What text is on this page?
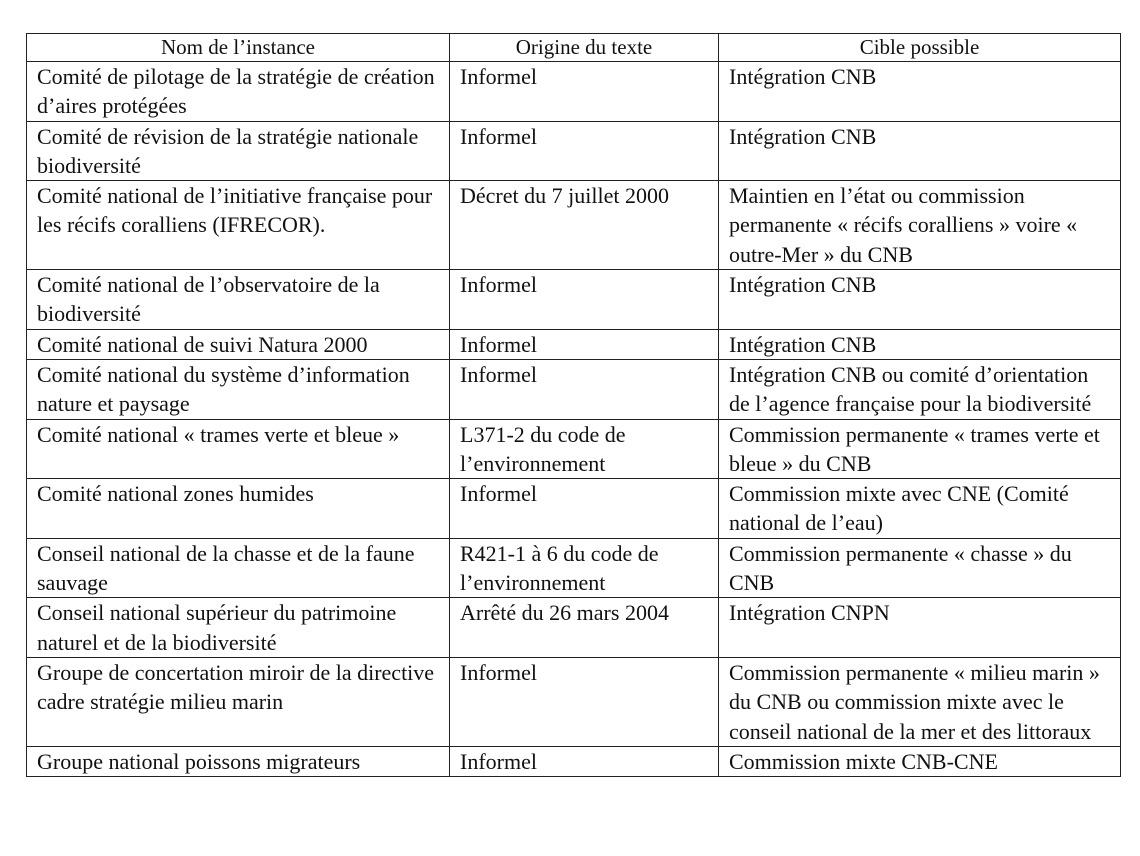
Nom de l’instance	Origine du texte	Cible possible
Comité de pilotage de la stratégie de création d’aires protégées	Informel	Intégration CNB
Comité de révision de la stratégie nationale biodiversité	Informel	Intégration CNB
Comité national de l’initiative française pour les récifs coralliens (IFRECOR).	Décret du 7 juillet 2000	Maintien en l’état ou commission permanente « récifs coralliens » voire « outre-Mer » du CNB
Comité national de l’observatoire de la biodiversité	Informel	Intégration CNB
Comité national de suivi Natura 2000	Informel	Intégration CNB
Comité national du système d’information nature et paysage	Informel	Intégration CNB ou comité d’orientation de l’agence française pour la biodiversité
Comité national « trames verte et bleue »	L371-2 du code de l’environnement	Commission permanente « trames verte et bleue » du CNB
Comité national zones humides	Informel	Commission mixte avec CNE (Comité national de l’eau)
Conseil national de la chasse et de la faune sauvage	R421-1 à 6 du code de l’environnement	Commission permanente « chasse » du CNB
Conseil national supérieur du patrimoine naturel et de la biodiversité	Arrêté du 26 mars 2004	Intégration CNPN
Groupe de concertation miroir de la directive cadre stratégie milieu marin	Informel	Commission permanente « milieu marin » du CNB ou commission mixte avec le conseil national de la mer et des littoraux
Groupe national poissons migrateurs	Informel	Commission mixte CNB-CNE
